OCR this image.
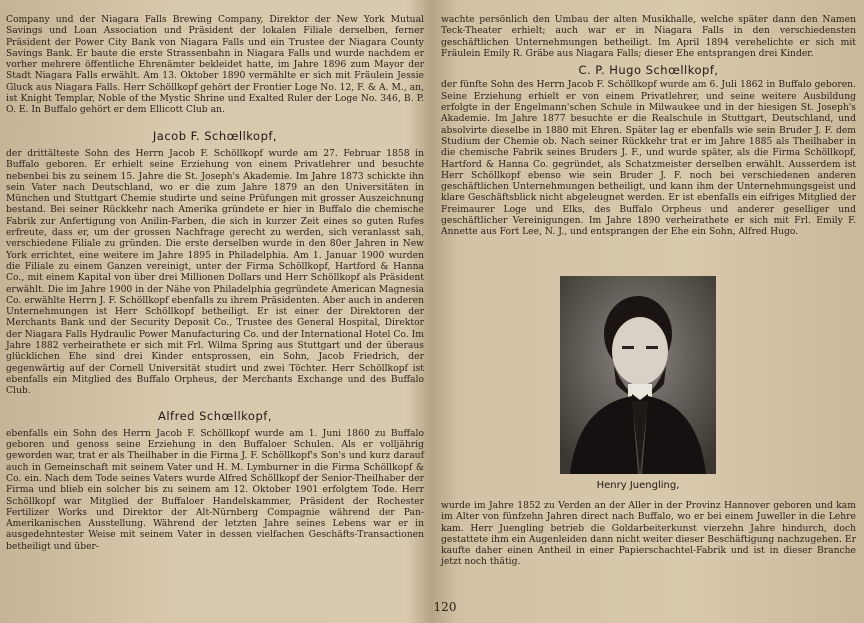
Company und der Niagara Falls Brewing Company, Direktor der New York Mutual Savings und Loan Association und Präsident der lokalen Filiale derselben, ferner Präsident der Power City Bank von Niagara Falls und ein Trustee der Niagara County Savings Bank. Er baute die erste Strassenbahn in Niagara Falls und wurde nachdem er vorher mehrere öffentliche Ehrenämter bekleidet hatte, im Jahre 1896 zum Mayor der Stadt Niagara Falls erwählt. Am 13. Oktober 1890 vermählte er sich mit Fräulein Jessie Gluck aus Niagara Falls. Herr Schöllkopf gehört der Frontier Loge No. 12, F. & A. M., an, ist Knight Templar, Noble of the Mystic Shrine und Exalted Ruler der Loge No. 346, B. P. O. E. In Buffalo gehört er dem Ellicott Club an.

Jacob F. Schœllkopf,

der drittälteste Sohn des Herrn Jacob F. Schöllkopf wurde am 27. Februar 1858 in Buffalo geboren. Er erhielt seine Erziehung von einem Privatlehrer und besuchte nebenbei bis zu seinem 15. Jahre die St. Joseph's Akademie. Im Jahre 1873 schickte ihn sein Vater nach Deutschland, wo er die zum Jahre 1879 an den Universitäten in München und Stuttgart Chemie studirte und seine Prüfungen mit grosser Auszeichnung bestand. Bei seiner Rückkehr nach Amerika gründete er hier in Buffalo die chemische Fabrik zur Anfertigung von Anilin-Farben, die sich in kurzer Zeit eines so guten Rufes erfreute, dass er, um der grossen Nachfrage gerecht zu werden, sich veranlasst sah, verschiedene Filiale zu gründen. Die erste derselben wurde in den 80er Jahren in New York errichtet, eine weitere im Jahre 1895 in Philadelphia. Am 1. Januar 1900 wurden die Filiale zu einem Ganzen vereinigt, unter der Firma Schöllkopf, Hartford & Hanna Co., mit einem Kapital von über drei Millionen Dollars und Herr Schöllkopf als Präsident erwählt. Die im Jahre 1900 in der Nähe von Philadelphia gegründete American Magnesia Co. erwählte Herrn J. F. Schöllkopf ebenfalls zu ihrem Präsidenten. Aber auch in anderen Unternehmungen ist Herr Schöllkopf betheiligt. Er ist einer der Direktoren der Merchants Bank und der Security Deposit Co., Trustee des General Hospital, Direktor der Niagara Falls Hydraulic Power Manufacturing Co. und der International Hotel Co. Im Jahre 1882 verheirathete er sich mit Frl. Wilma Spring aus Stuttgart und der überaus glücklichen Ehe sind drei Kinder entsprossen, ein Sohn, Jacob Friedrich, der gegenwärtig auf der Cornell Universität studirt und zwei Töchter. Herr Schöllkopf ist ebenfalls ein Mitglied des Buffalo Orpheus, der Merchants Exchange und des Buffalo Club.

Alfred Schœllkopf,

ebenfalls ein Sohn des Herrn Jacob F. Schöllkopf wurde am 1. Juni 1860 zu Buffalo geboren und genoss seine Erziehung in den Buffaloer Schulen. Als er volljährig geworden war, trat er als Theilhaber in die Firma J. F. Schöllkopf's Son's und kurz darauf auch in Gemeinschaft mit seinem Vater und H. M. Lymburner in die Firma Schöllkopf & Co. ein. Nach dem Tode seines Vaters wurde Alfred Schöllkopf der Senior-Theilhaber der Firma und blieb ein solcher bis zu seinem am 12. Oktober 1901 erfolgtem Tode. Herr Schöllkopf war Mitglied der Buffaloer Handelskammer, Präsident der Rochester Fertilizer Works und Direktor der Alt-Nürnberg Compagnie während der Pan-Amerikanischen Ausstellung. Während der letzten Jahre seines Lebens war er in ausgedehntester Weise mit seinem Vater in dessen vielfachen Geschäfts-Transactionen betheiligt und über-

wachte persönlich den Umbau der alten Musikhalle, welche später dann den Namen Teck-Theater erhielt; auch war er in Niagara Falls in den verschiedensten geschäftlichen Unternehmungen betheiligt. Im April 1894 verehelichte er sich mit Fräulein Emily R. Gräbe aus Niagara Falls; dieser Ehe entsprangen drei Kinder.

C. P. Hugo Schœllkopf,

der fünfte Sohn des Herrn Jacob F. Schöllkopf wurde am 6. Juli 1862 in Buffalo geboren. Seine Erziehung erhielt er von einem Privatlehrer, und seine weitere Ausbildung erfolgte in der Engelmann'schen Schule in Milwaukee und in der hiesigen St. Joseph's Akademie. Im Jahre 1877 besuchte er die Realschule in Stuttgart, Deutschland, und absolvirte dieselbe in 1880 mit Ehren. Später lag er ebenfalls wie sein Bruder J. F. dem Studium der Chemie ob. Nach seiner Rückkehr trat er im Jahre 1885 als Theilhaber in die chemische Fabrik seines Bruders J. F., und wurde später, als die Firma Schöllkopf, Hartford & Hanna Co. gegründet, als Schatzmeister derselben erwählt. Ausserdem ist Herr Schöllkopf ebenso wie sein Bruder J. F. noch bei verschiedenen anderen geschäftlichen Unternehmungen betheiligt, und kann ihm der Unternehmungsgeist und klare Geschäftsblick nicht abgeleugnet werden. Er ist ebenfalls ein eifriges Mitglied der Freimaurer Loge und Elks, des Buffalo Orpheus und anderer geselliger und geschäftlicher Vereinigungen. Im Jahre 1890 verheirathete er sich mit Frl. Emily F. Annette aus Fort Lee, N. J., und entsprangen der Ehe ein Sohn, Alfred Hugo.

Henry Juengling,

wurde im Jahre 1852 zu Verden an der Aller in der Provinz Hannover geboren und kam im Alter von fünfzehn Jahren direct nach Buffalo, wo er bei einem Juweller in die Lehre kam. Herr Juengling betrieb die Goldarbeiterkunst vierzehn Jahre hindurch, doch gestattete ihm ein Augenleiden dann nicht weiter dieser Beschäftigung nachzugehen. Er kaufte daher einen Antheil in einer Papierschachtel-Fabrik und ist in dieser Branche jetzt noch thätig.

120
